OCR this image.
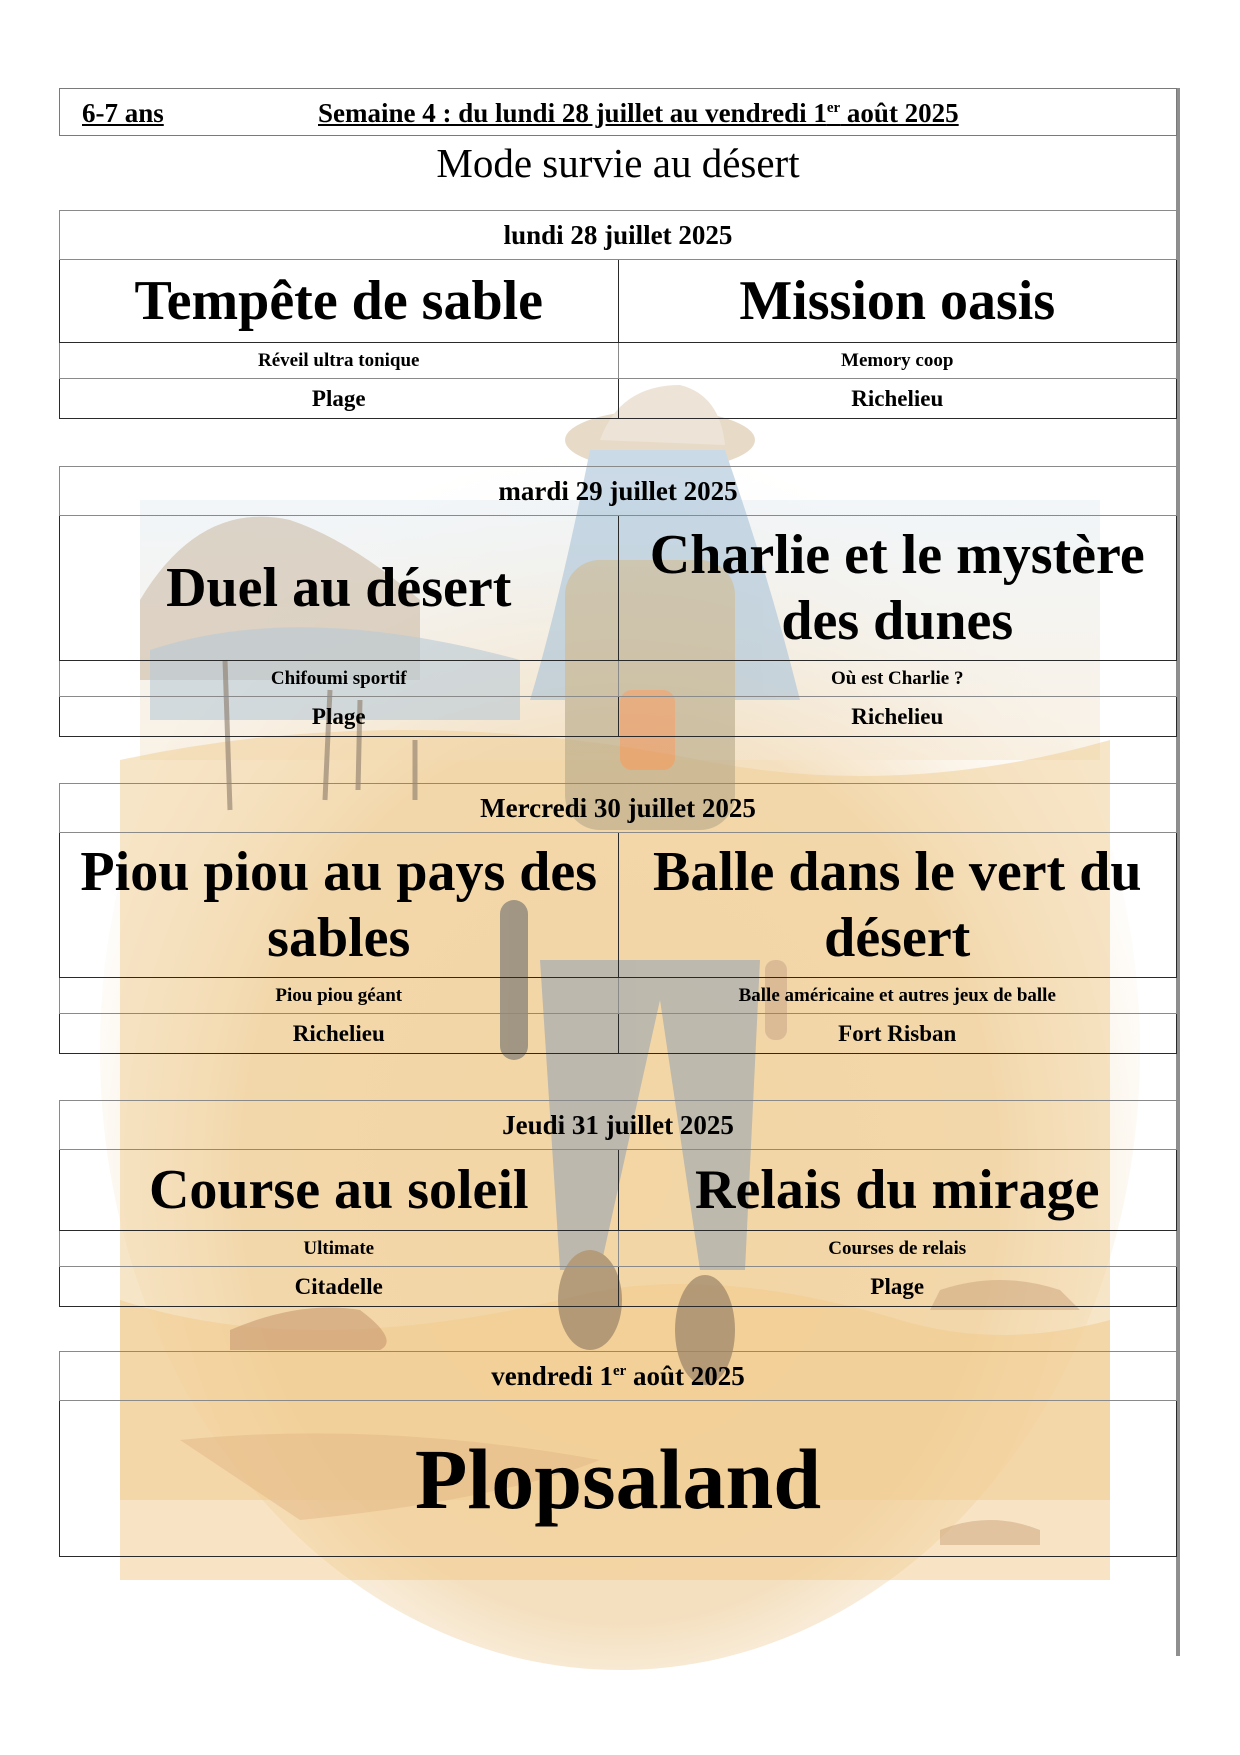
6-7 ans	Semaine 4 : du lundi 28 juillet au vendredi 1er août 2025
Mode survie au désert
lundi 28 juillet 2025	
Tempête de sable	Mission oasis
Réveil ultra tonique	Memory coop
Plage	Richelieu
mardi 29 juillet 2025	
Duel au désert	Charlie et le mystère des dunes
Chifoumi sportif	Où est Charlie ?
Plage	Richelieu
Mercredi 30 juillet 2025	
Piou piou au pays des sables	Balle dans le vert du désert
Piou piou géant	Balle américaine et autres jeux de balle
Richelieu	Fort Risban
Jeudi 31 juillet 2025	
Course au soleil	Relais du mirage
Ultimate	Courses de relais
Citadelle	Plage
vendredi 1er août 2025
Plopsaland
